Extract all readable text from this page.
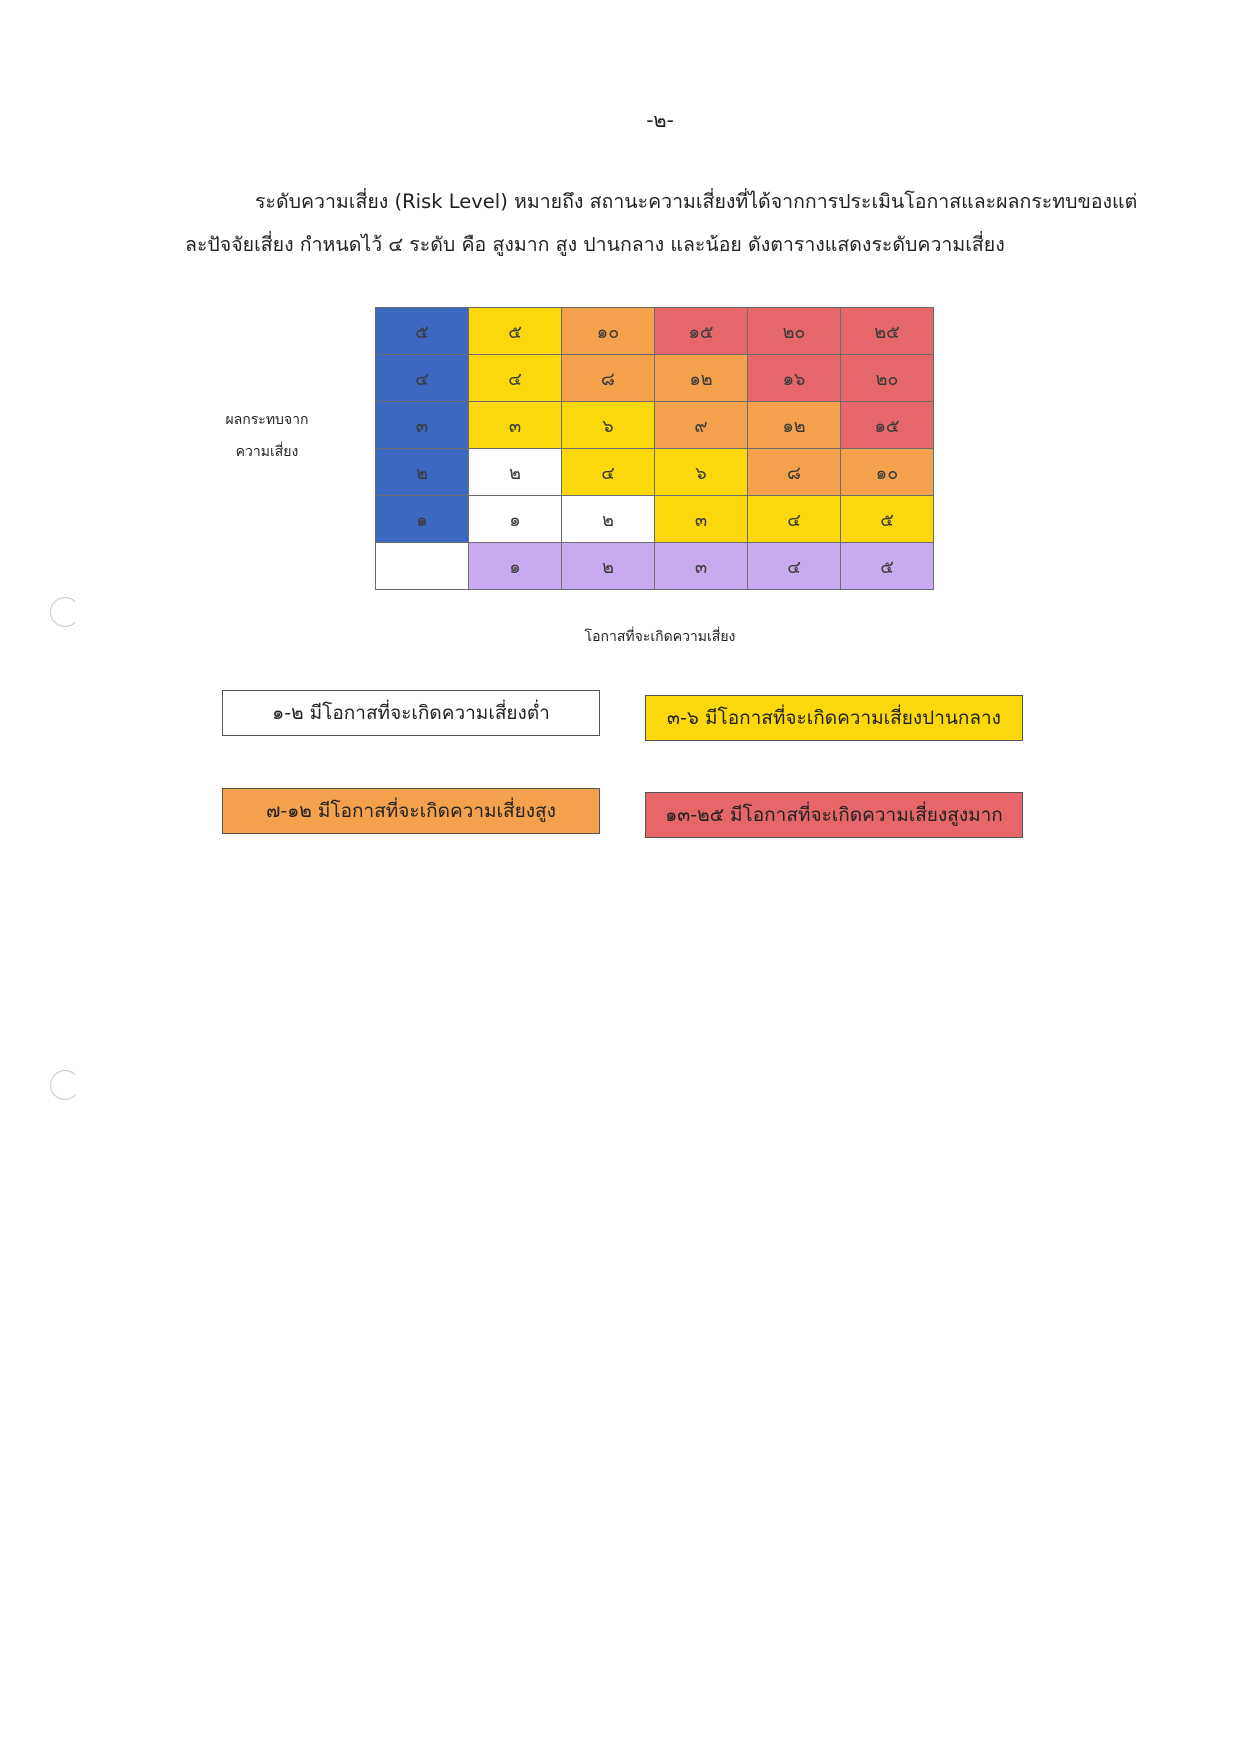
-๒-
ระดับความเสี่ยง (Risk Level) หมายถึง สถานะความเสี่ยงที่ได้จากการประเมินโอกาสและผลกระทบของแต่
ละปัจจัยเสี่ยง กำหนดไว้ ๔ ระดับ คือ สูงมาก สูง ปานกลาง และน้อย ดังตารางแสดงระดับความเสี่ยง
ผลกระทบจาก
ความเสี่ยง
๕	๕	๑๐	๑๕	๒๐	๒๕
๔	๔	๘	๑๒	๑๖	๒๐
๓	๓	๖	๙	๑๒	๑๕
๒	๒	๔	๖	๘	๑๐
๑	๑	๒	๓	๔	๕
	๑	๒	๓	๔	๕
โอกาสที่จะเกิดความเสี่ยง
๑-๒ มีโอกาสที่จะเกิดความเสี่ยงต่ำ	๓-๖ มีโอกาสที่จะเกิดความเสี่ยงปานกลาง
๗-๑๒ มีโอกาสที่จะเกิดความเสี่ยงสูง	๑๓-๒๕ มีโอกาสที่จะเกิดความเสี่ยงสูงมาก
